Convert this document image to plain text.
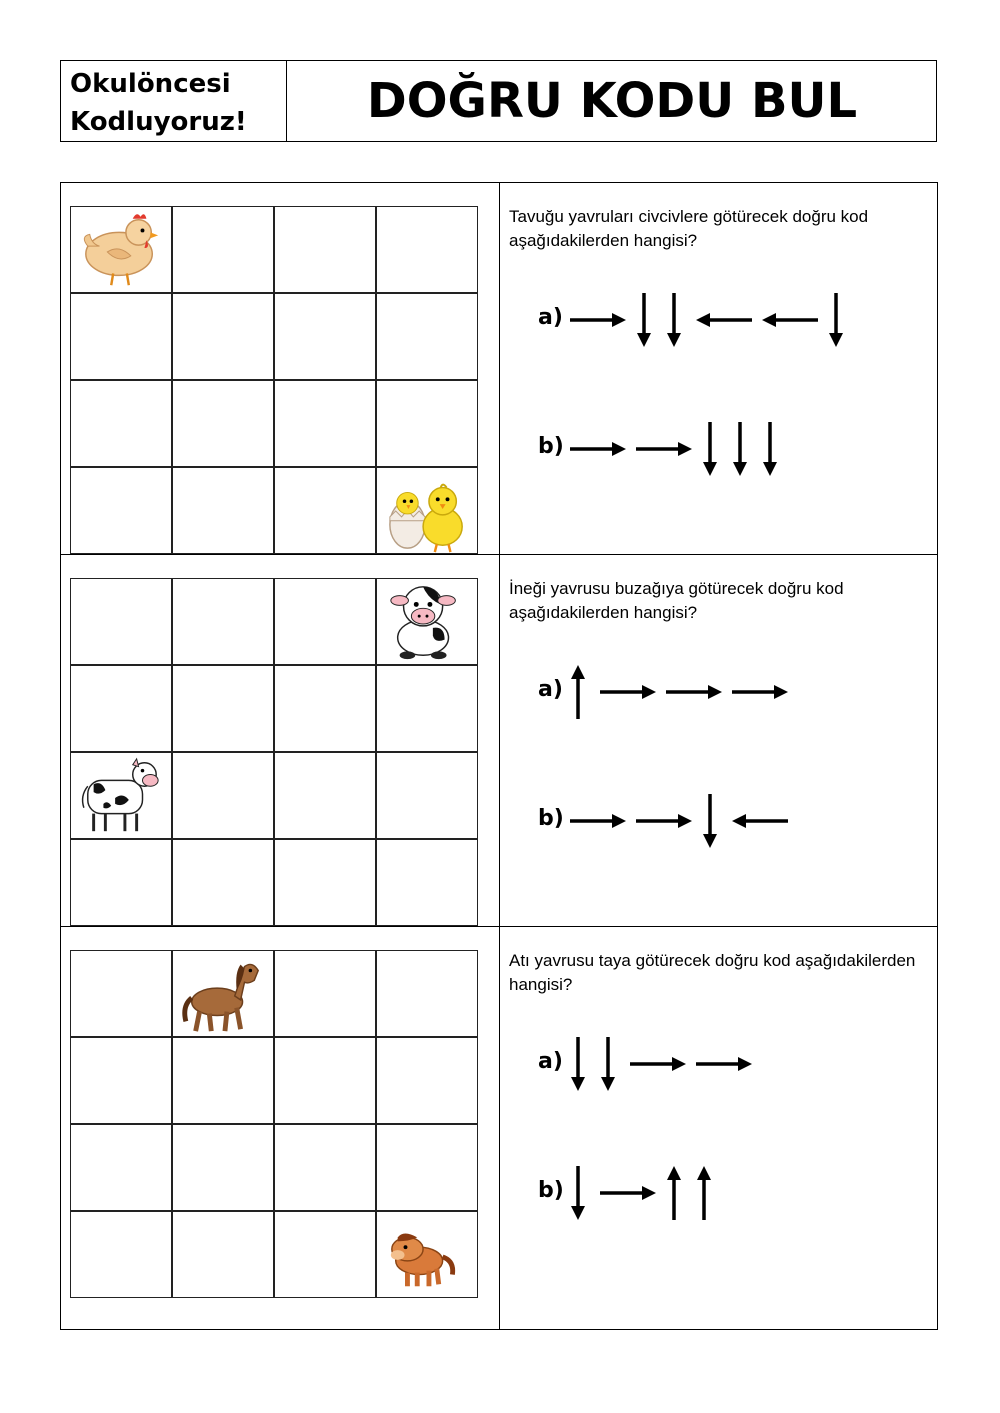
Okulöncesi
Kodluyoruz!	DOĞRU KODU BUL
Tavuğu yavruları civcivlere götürecek doğru kod aşağıdakilerden hangisi?
a)
b)
İneği yavrusu buzağıya götürecek doğru kod aşağıdakilerden hangisi?
a)
b)
Atı yavrusu taya götürecek doğru kod aşağıdakilerden hangisi?
a)
b)
